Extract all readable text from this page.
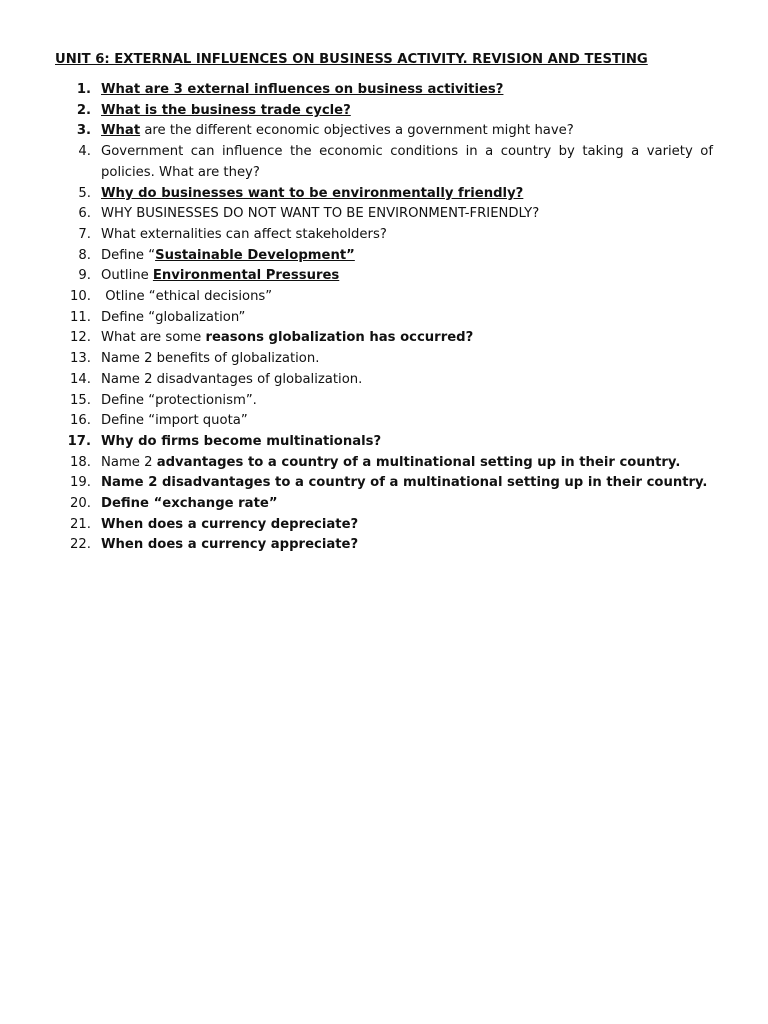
UNIT 6: EXTERNAL INFLUENCES ON BUSINESS ACTIVITY. REVISION AND TESTING
1. What are 3 external influences on business activities?
2. What is the business trade cycle?
3. What are the different economic objectives a government might have?
4. Government can influence the economic conditions in a country by taking a variety of policies. What are they?
5. Why do businesses want to be environmentally friendly?
6. WHY BUSINESSES DO NOT WANT TO BE ENVIRONMENT-FRIENDLY?
7. What externalities can affect stakeholders?
8. Define “Sustainable Development”
9. Outline Environmental Pressures
10. Otline “ethical decisions”
11. Define “globalization”
12. What are some reasons globalization has occurred?
13. Name 2 benefits of globalization.
14. Name 2 disadvantages of globalization.
15. Define “protectionism”.
16. Define “import quota”
17. Why do firms become multinationals?
18. Name 2 advantages to a country of a multinational setting up in their country.
19. Name 2 disadvantages to a country of a multinational setting up in their country.
20. Define “exchange rate”
21. When does a currency depreciate?
22. When does a currency appreciate?
